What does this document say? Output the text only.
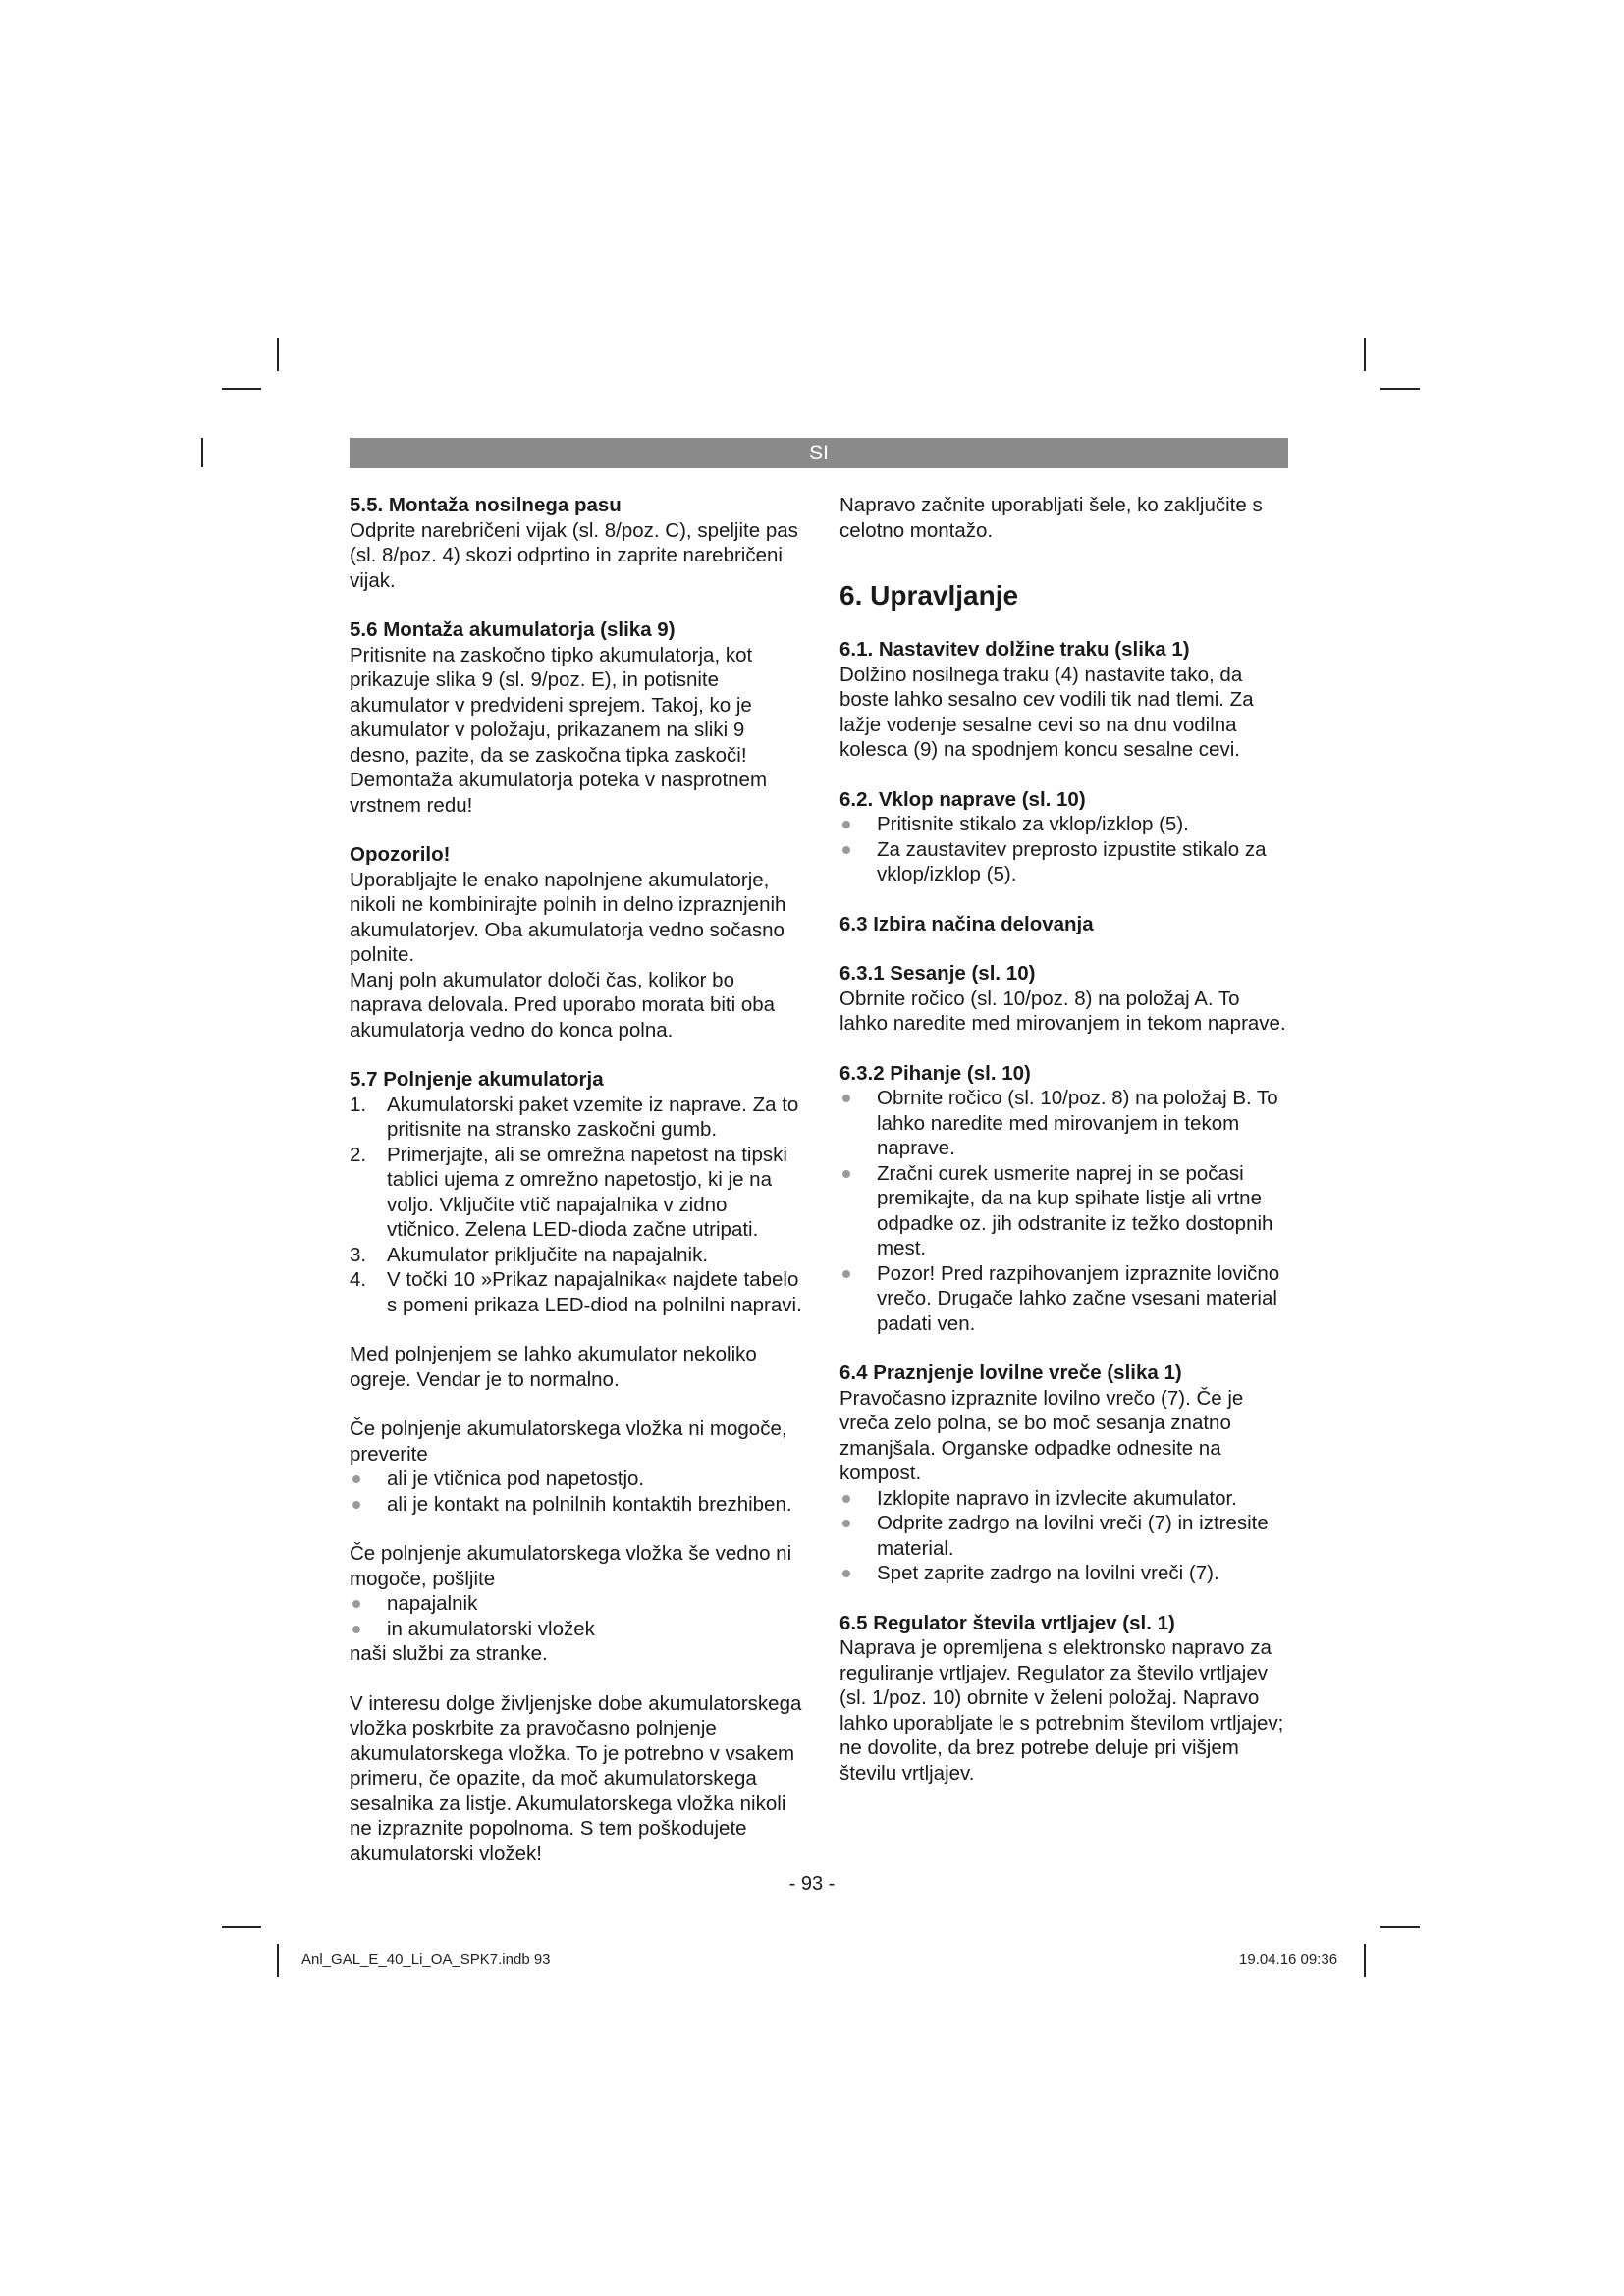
SI

5.5. Montaža nosilnega pasu

Odprite narebričeni vijak (sl. 8/poz. C), speljite pas (sl. 8/poz. 4) skozi odprtino in zaprite narebričeni vijak.

5.6 Montaža akumulatorja (slika 9)

Pritisnite na zaskočno tipko akumulatorja, kot prikazuje slika 9 (sl. 9/poz. E), in potisnite akumulator v predvideni sprejem. Takoj, ko je akumulator v položaju, prikazanem na sliki 9 desno, pazite, da se zaskočna tipka zaskoči! Demontaža akumulatorja poteka v nasprotnem vrstnem redu!

Opozorilo!

Uporabljajte le enako napolnjene akumulatorje, nikoli ne kombinirajte polnih in delno izpraznjenih akumulatorjev. Oba akumulatorja vedno sočasno polnite.

Manj poln akumulator določi čas, kolikor bo naprava delovala. Pred uporabo morata biti oba akumulatorja vedno do konca polna.

5.7 Polnjenje akumulatorja

1. Akumulatorski paket vzemite iz naprave. Za to pritisnite na stransko zaskočni gumb.
2. Primerjajte, ali se omrežna napetost na tipski tablici ujema z omrežno napetostjo, ki je na voljo. Vključite vtič napajalnika v zidno vtičnico. Zelena LED-dioda začne utripati.
3. Akumulator priključite na napajalnik.
4. V točki 10 »Prikaz napajalnika« najdete tabelo s pomeni prikaza LED-diod na polnilni napravi.

Med polnjenjem se lahko akumulator nekoliko ogreje. Vendar je to normalno.

Če polnjenje akumulatorskega vložka ni mogoče, preverite

ali je vtičnica pod napetostjo.
ali je kontakt na polnilnih kontaktih brezhiben.

Če polnjenje akumulatorskega vložka še vedno ni mogoče, pošljite

napajalnik
in akumulatorski vložek

naši službi za stranke.

V interesu dolge življenjske dobe akumulatorskega vložka poskrbite za pravočasno polnjenje akumulatorskega vložka. To je potrebno v vsakem primeru, če opazite, da moč akumulatorskega sesalnika za listje. Akumulatorskega vložka nikoli ne izpraznite popolnoma. S tem poškodujete akumulatorski vložek!

Napravo začnite uporabljati šele, ko zaključite s celotno montažo.

6. Upravljanje

6.1. Nastavitev dolžine traku (slika 1)

Dolžino nosilnega traku (4) nastavite tako, da boste lahko sesalno cev vodili tik nad tlemi. Za lažje vodenje sesalne cevi so na dnu vodilna kolesca (9) na spodnjem koncu sesalne cevi.

6.2. Vklop naprave (sl. 10)

Pritisnite stikalo za vklop/izklop (5).
Za zaustavitev preprosto izpustite stikalo za vklop/izklop (5).

6.3 Izbira načina delovanja

6.3.1 Sesanje (sl. 10)

Obrnite ročico (sl. 10/poz. 8) na položaj A. To lahko naredite med mirovanjem in tekom naprave.

6.3.2 Pihanje (sl. 10)

Obrnite ročico (sl. 10/poz. 8) na položaj B. To lahko naredite med mirovanjem in tekom naprave.
Zračni curek usmerite naprej in se počasi premikajte, da na kup spihate listje ali vrtne odpadke oz. jih odstranite iz težko dostopnih mest.
Pozor! Pred razpihovanjem izpraznite lovično vrečo. Drugače lahko začne vsesani material padati ven.

6.4 Praznjenje lovilne vreče (slika 1)

Pravočasno izpraznite lovilno vrečo (7). Če je vreča zelo polna, se bo moč sesanja znatno zmanjšala. Organske odpadke odnesite na kompost.

Izklopite napravo in izvlecite akumulator.
Odprite zadrgo na lovilni vreči (7) in iztresite material.
Spet zaprite zadrgo na lovilni vreči (7).

6.5 Regulator števila vrtljajev (sl. 1)

Naprava je opremljena s elektronsko napravo za reguliranje vrtljajev. Regulator za število vrtljajev (sl. 1/poz. 10) obrnite v želeni položaj. Napravo lahko uporabljate le s potrebnim številom vrtljajev; ne dovolite, da brez potrebe deluje pri višjem številu vrtljajev.

- 93 -
Anl_GAL_E_40_Li_OA_SPK7.indb 93	19.04.16 09:36
